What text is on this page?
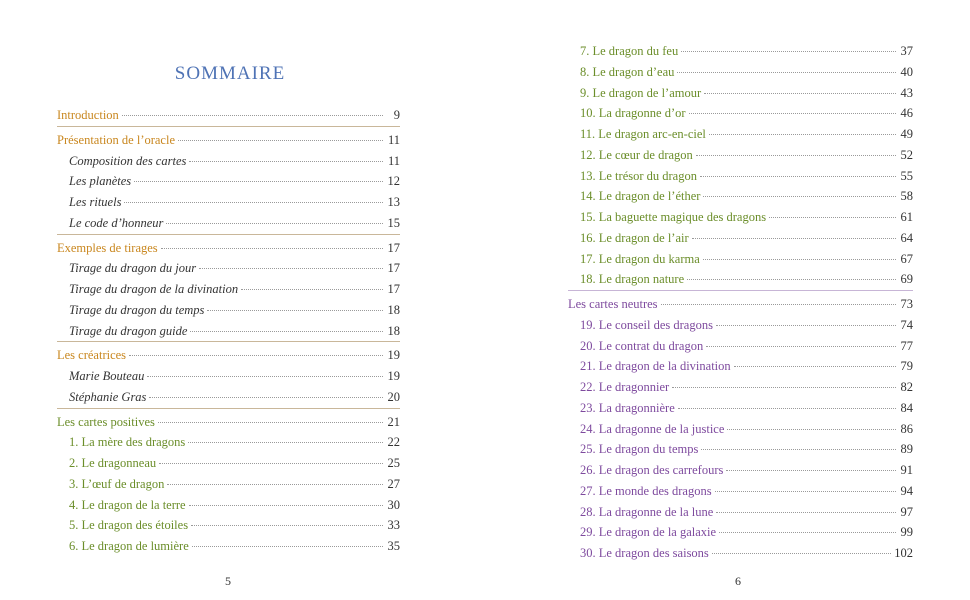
SOMMAIRE
Introduction	9
Présentation de l’oracle	11
Composition des cartes	11
Les planètes	12
Les rituels	13
Le code d’honneur	15
Exemples de tirages	17
Tirage du dragon du jour	17
Tirage du dragon de la divination	17
Tirage du dragon du temps	18
Tirage du dragon guide	18
Les créatrices	19
Marie Bouteau	19
Stéphanie Gras	20
Les cartes positives	21
1. La mère des dragons	22
2. Le dragonneau	25
3. L’œuf de dragon	27
4. Le dragon de la terre	30
5. Le dragon des étoiles	33
6. Le dragon de lumière	35
5
7. Le dragon du feu	37
8. Le dragon d’eau	40
9. Le dragon de l’amour	43
10. La dragonne d’or	46
11. Le dragon arc-en-ciel	49
12. Le cœur de dragon	52
13. Le trésor du dragon	55
14. Le dragon de l’éther	58
15. La baguette magique des dragons	61
16. Le dragon de l’air	64
17. Le dragon du karma	67
18. Le dragon nature	69
Les cartes neutres	73
19. Le conseil des dragons	74
20. Le contrat du dragon	77
21. Le dragon de la divination	79
22. Le dragonnier	82
23. La dragonnière	84
24. La dragonne de la justice	86
25. Le dragon du temps	89
26. Le dragon des carrefours	91
27. Le monde des dragons	94
28. La dragonne de la lune	97
29. Le dragon de la galaxie	99
30. Le dragon des saisons	102
6
